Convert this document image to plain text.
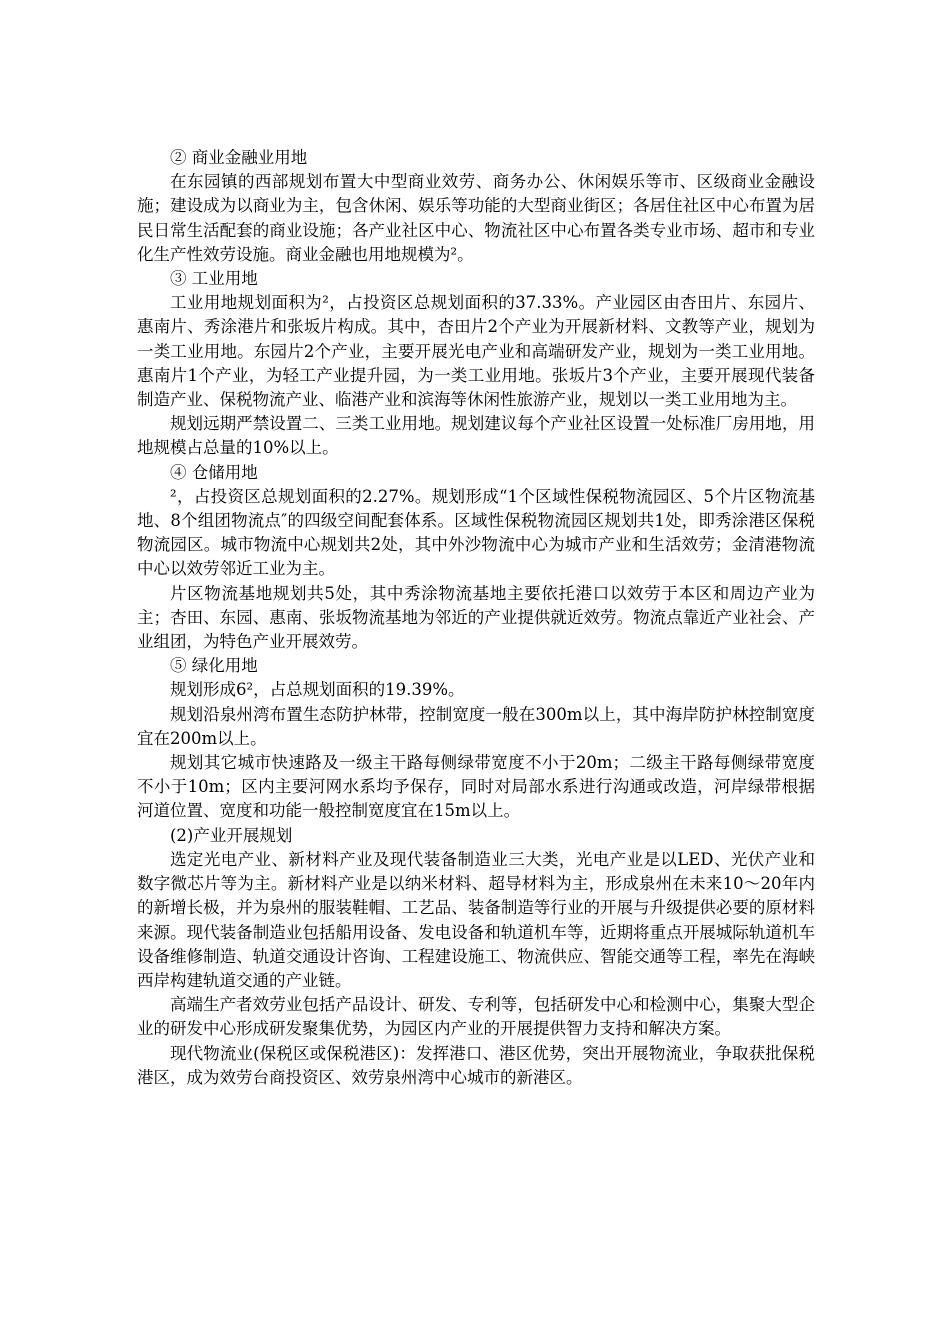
② 商业金融业用地

在东园镇的西部规划布置大中型商业效劳、商务办公、休闲娱乐等市、区级商业金融设施；建设成为以商业为主，包含休闲、娱乐等功能的大型商业街区；各居住社区中心布置为居民日常生活配套的商业设施；各产业社区中心、物流社区中心布置各类专业市场、超市和专业化生产性效劳设施。商业金融也用地规模为²。

③ 工业用地

工业用地规划面积为²，占投资区总规划面积的37.33%。产业园区由杏田片、东园片、惠南片、秀涂港片和张坂片构成。其中，杏田片2个产业为开展新材料、文教等产业，规划为一类工业用地。东园片2个产业，主要开展光电产业和高端研发产业，规划为一类工业用地。惠南片1个产业，为轻工产业提升园，为一类工业用地。张坂片3个产业，主要开展现代装备制造产业、保税物流产业、临港产业和滨海等休闲性旅游产业，规划以一类工业用地为主。

规划远期严禁设置二、三类工业用地。规划建议每个产业社区设置一处标准厂房用地，用地规模占总量的10%以上。

④ 仓储用地

²，占投资区总规划面积的2.27%。规划形成“1个区域性保税物流园区、5个片区物流基地、8个组团物流点″的四级空间配套体系。区域性保税物流园区规划共1处，即秀涂港区保税物流园区。城市物流中心规划共2处，其中外沙物流中心为城市产业和生活效劳；金清港物流中心以效劳邻近工业为主。

片区物流基地规划共5处，其中秀涂物流基地主要依托港口以效劳于本区和周边产业为主；杏田、东园、惠南、张坂物流基地为邻近的产业提供就近效劳。物流点靠近产业社会、产业组团，为特色产业开展效劳。

⑤ 绿化用地

规划形成6²，占总规划面积的19.39%。

规划沿泉州湾布置生态防护林带，控制宽度一般在300m以上，其中海岸防护林控制宽度宜在200m以上。

规划其它城市快速路及一级主干路每侧绿带宽度不小于20m；二级主干路每侧绿带宽度不小于10m；区内主要河网水系均予保存，同时对局部水系进行沟通或改造，河岸绿带根据河道位置、宽度和功能一般控制宽度宜在15m以上。

(2)产业开展规划

选定光电产业、新材料产业及现代装备制造业三大类，光电产业是以LED、光伏产业和数字微芯片等为主。新材料产业是以纳米材料、超导材料为主，形成泉州在未来10～20年内的新增长极，并为泉州的服装鞋帽、工艺品、装备制造等行业的开展与升级提供必要的原材料来源。现代装备制造业包括船用设备、发电设备和轨道机车等，近期将重点开展城际轨道机车设备维修制造、轨道交通设计咨询、工程建设施工、物流供应、智能交通等工程，率先在海峡西岸构建轨道交通的产业链。

高端生产者效劳业包括产品设计、研发、专利等，包括研发中心和检测中心，集聚大型企业的研发中心形成研发聚集优势，为园区内产业的开展提供智力支持和解决方案。

现代物流业(保税区或保税港区)：发挥港口、港区优势，突出开展物流业，争取获批保税港区，成为效劳台商投资区、效劳泉州湾中心城市的新港区。
